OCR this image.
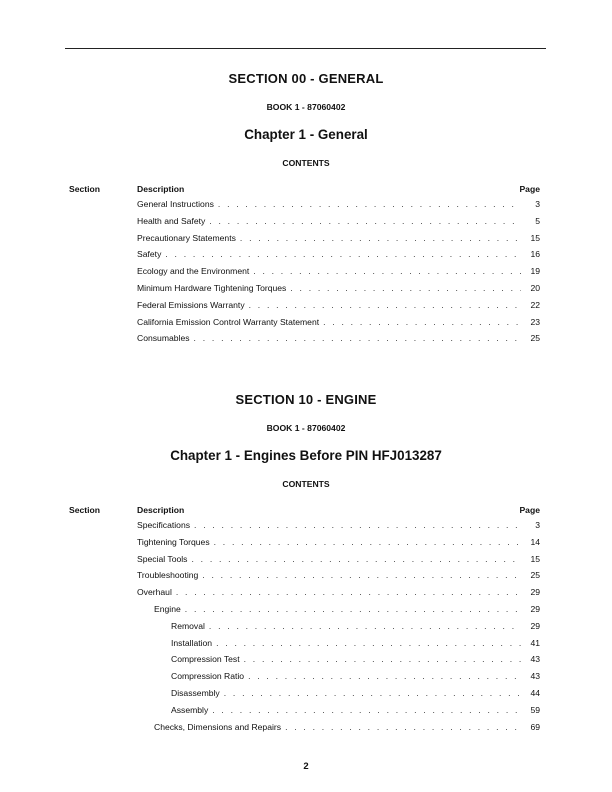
SECTION 00 - GENERAL
BOOK 1 - 87060402
Chapter 1 - General
CONTENTS
Section	Description	Page
General Instructions . . .	3
Health and Safety . . .	5
Precautionary Statements . . .	15
Safety . . .	16
Ecology and the Environment . . .	19
Minimum Hardware Tightening Torques . . .	20
Federal Emissions Warranty . . .	22
California Emission Control Warranty Statement . . .	23
Consumables . . .	25
SECTION 10 - ENGINE
BOOK 1 - 87060402
Chapter 1 - Engines Before PIN HFJ013287
CONTENTS
Section	Description	Page
Specifications . . .	3
Tightening Torques . . .	14
Special Tools . . .	15
Troubleshooting . . .	25
Overhaul . . .	29
Engine . . .	29
Removal . . .	29
Installation . . .	41
Compression Test . . .	43
Compression Ratio . . .	43
Disassembly . . .	44
Assembly . . .	59
Checks, Dimensions and Repairs . . .	69
2
